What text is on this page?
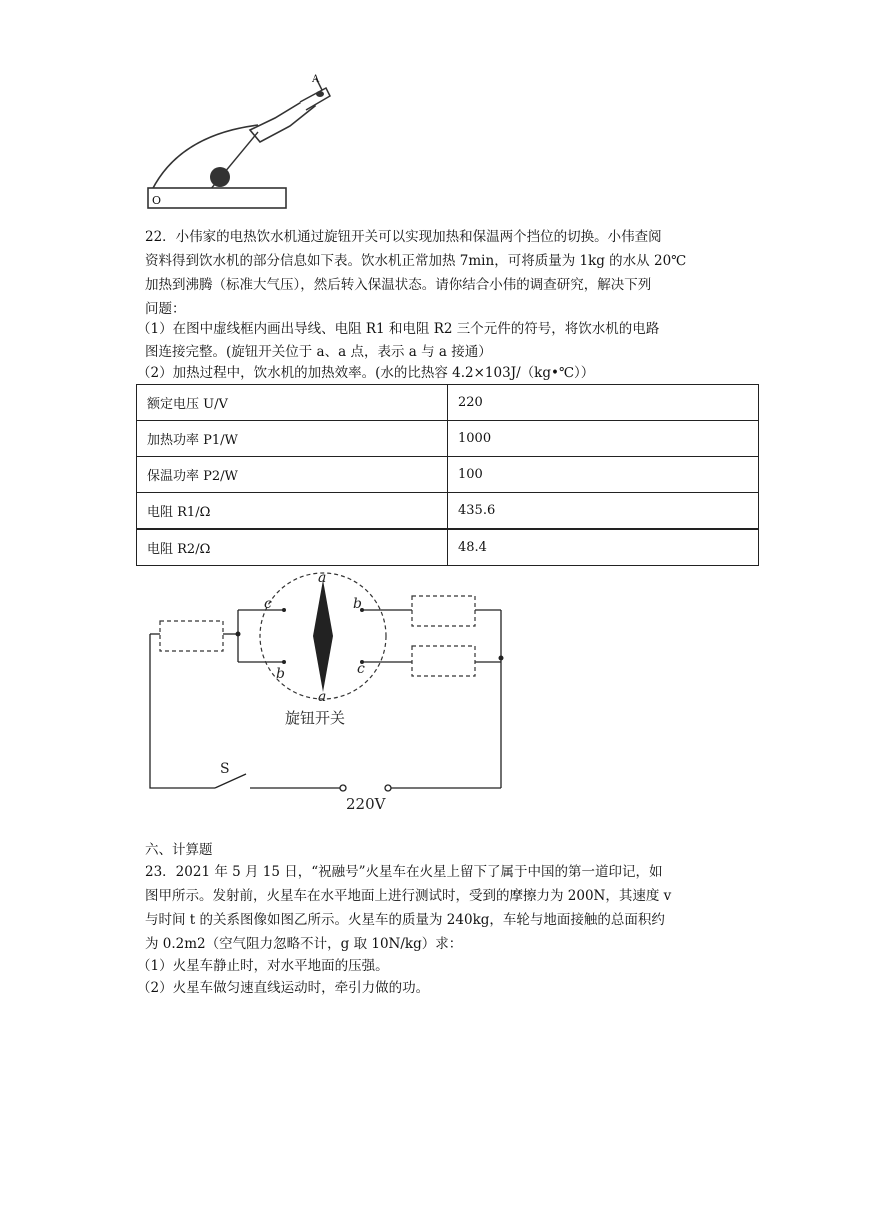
O
A
22．小伟家的电热饮水机通过旋钮开关可以实现加热和保温两个挡位的切换。小伟查阅
资料得到饮水机的部分信息如下表。饮水机正常加热 7min，可将质量为 1kg 的水从 20℃
加热到沸腾（标准大气压），然后转入保温状态。请你结合小伟的调查研究，解决下列
问题：
（1）在图中虚线框内画出导线、电阻 R1 和电阻 R2 三个元件的符号，将饮水机的电路
图连接完整。(旋钮开关位于 a、a 点，表示 a 与 a 接通）
（2）加热过程中，饮水机的加热效率。(水的比热容 4.2×103J/（kg•℃））
额定电压 U/V	220
加热功率 P1/W	1000
保温功率 P2/W	100
电阻 R1/Ω	435.6
电阻 R2/Ω	48.4
a
a
c
b
b
c
旋钮开关
S
220V
六、计算题
23．2021 年 5 月 15 日，“祝融号”火星车在火星上留下了属于中国的第一道印记，如
图甲所示。发射前，火星车在水平地面上进行测试时，受到的摩擦力为 200N，其速度 v
与时间 t 的关系图像如图乙所示。火星车的质量为 240kg，车轮与地面接触的总面积约
为 0.2m2（空气阻力忽略不计，g 取 10N/kg）求：
（1）火星车静止时，对水平地面的压强。
（2）火星车做匀速直线运动时，牵引力做的功。
